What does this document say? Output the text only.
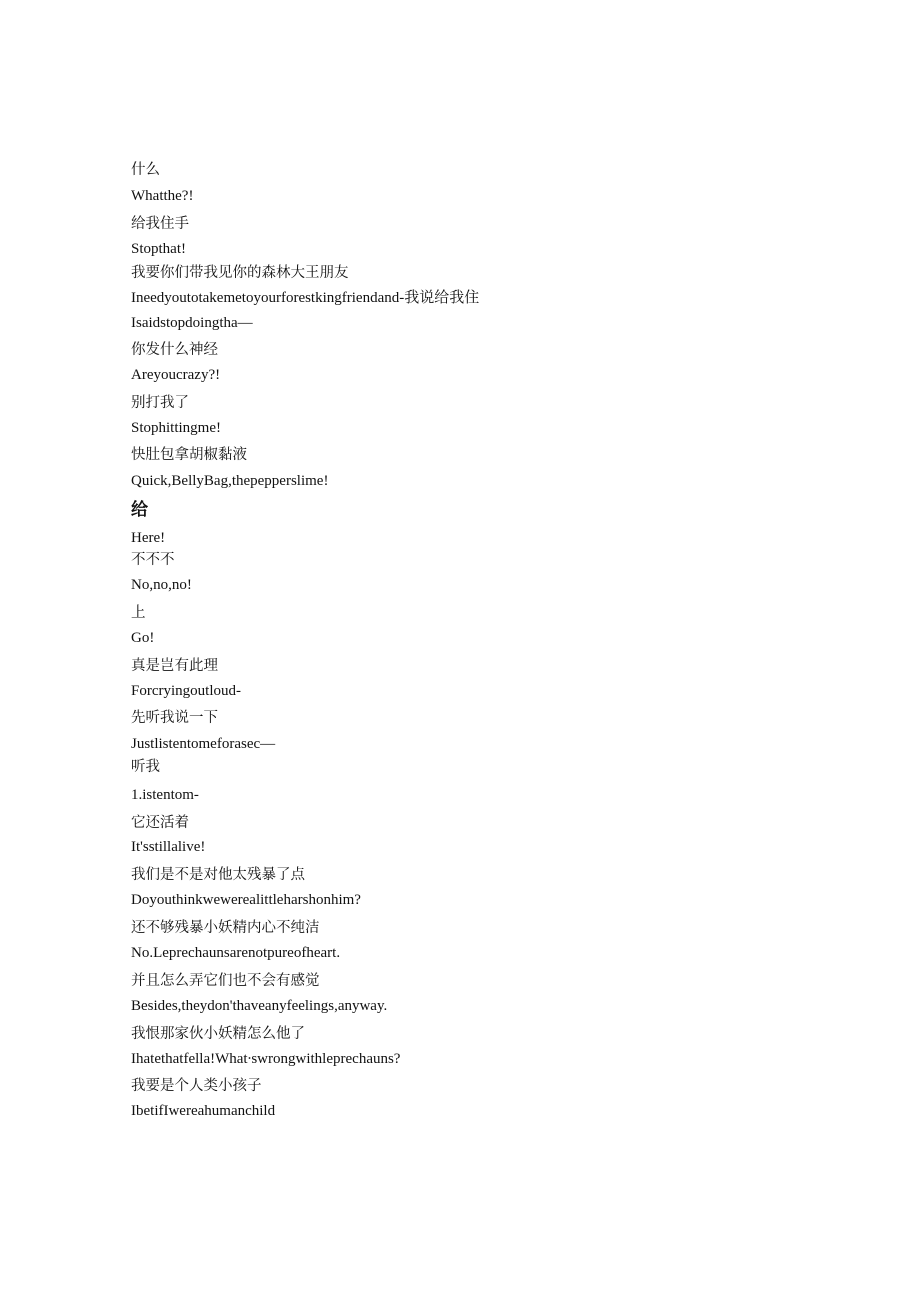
什么
Whatthe?!
给我住手
Stopthat!
我要你们带我见你的森林大王朋友
Ineedyoutotakemetoyourforestkingfriendand-我说给我住
Isaidstopdoingtha—
你发什么神经
Areyoucrazy?!
别打我了
Stophittingme!
快肚包拿胡椒黏液
Quick,BellyBag,thepepperslime!
给
Here!
不不不
No,no,no!
上
Go!
真是岂有此理
Forcryingoutloud-
先听我说一下
Justlistentomeforasec—
听我
1.istentom-
它还活着
It'sstillalive!
我们是不是对他太残暴了点
Doyouthinkwewerealittleharshonhim?
还不够残暴小妖精内心不纯洁
No.Leprechaunsarenotpureofheart.
并且怎么弄它们也不会有感觉
Besides,theydon'thaveanyfeelings,anyway.
我恨那家伙小妖精怎么他了
Ihatethatfella!What∙swrongwithleprechauns?
我要是个人类小孩子
IbetifIwereahumanchild
